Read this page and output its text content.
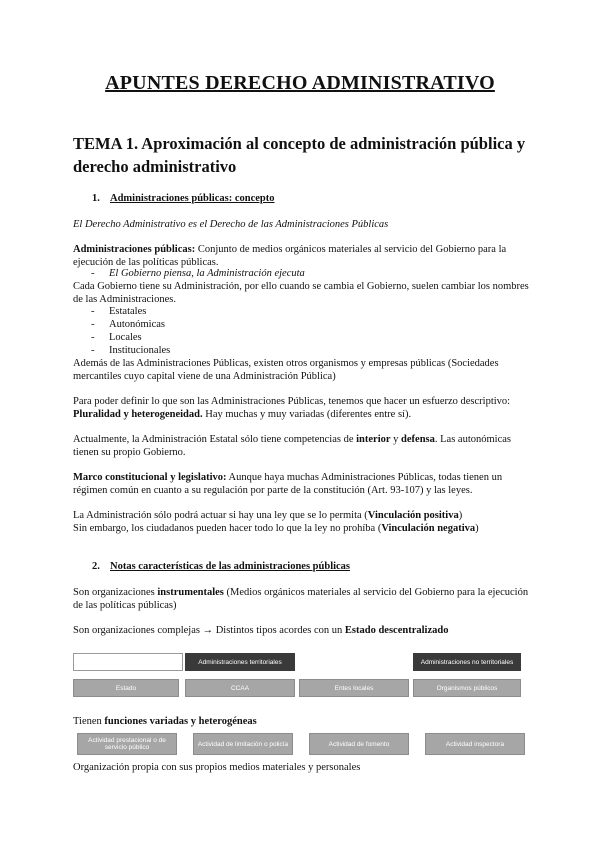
APUNTES DERECHO ADMINISTRATIVO
TEMA 1. Aproximación al concepto de administración pública y derecho administrativo
1. Administraciones públicas: concepto
El Derecho Administrativo es el Derecho de las Administraciones Públicas
Administraciones públicas: Conjunto de medios orgánicos materiales al servicio del Gobierno para la ejecución de las políticas públicas.
- El Gobierno piensa, la Administración ejecuta
Cada Gobierno tiene su Administración, por ello cuando se cambia el Gobierno, suelen cambiar los nombres de las Administraciones.
- Estatales
- Autonómicas
- Locales
- Institucionales
Además de las Administraciones Públicas, existen otros organismos y empresas públicas (Sociedades mercantiles cuyo capital viene de una Administración Pública)
Para poder definir lo que son las Administraciones Públicas, tenemos que hacer un esfuerzo descriptivo: Pluralidad y heterogeneidad. Hay muchas y muy variadas (diferentes entre sí).
Actualmente, la Administración Estatal sólo tiene competencias de interior y defensa. Las autonómicas tienen su propio Gobierno.
Marco constitucional y legislativo: Aunque haya muchas Administraciones Públicas, todas tienen un régimen común en cuanto a su regulación por parte de la constitución (Art. 93-107) y las leyes.
La Administración sólo podrá actuar si hay una ley que se lo permita (Vinculación positiva)
Sin embargo, los ciudadanos pueden hacer todo lo que la ley no prohíba (Vinculación negativa)
2. Notas características de las administraciones públicas
Son organizaciones instrumentales (Medios orgánicos materiales al servicio del Gobierno para la ejecución de las políticas públicas)
Son organizaciones complejas → Distintos tipos acordes con un Estado descentralizado
Administraciones territoriales	Administraciones no territoriales
Estado	CCAA	Entes locales	Organismos públicos
Tienen funciones variadas y heterogéneas
Actividad prestacional o de servicio público	Actividad de limitación o policía	Actividad de fomento	Actividad inspectora
Organización propia con sus propios medios materiales y personales
